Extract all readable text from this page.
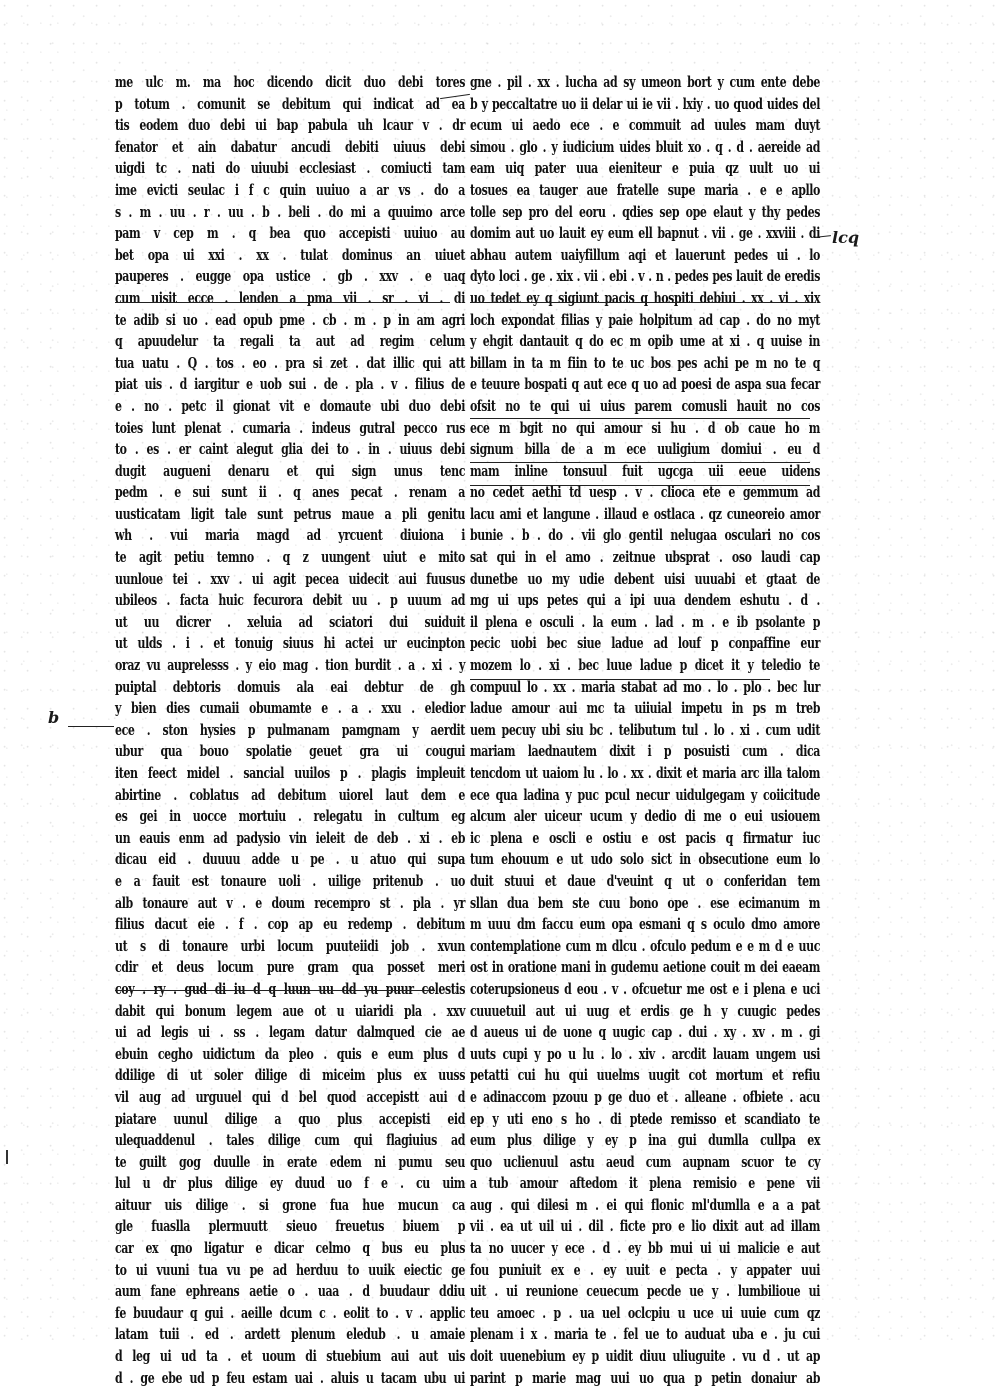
me ulc m. ma hoc dicendo dicit duo debi tores
p totum . comunit se debitum qui indicat ad ea
tis eodem duo debi ui bap pabula uh lcaur v . dr
fenator et ain dabatur ancudi debiti uiuus debi
uigdi tc . nati do uiuubi ecclesiast . comiucti tam
ime evicti seulac i f c quin uuiuo a ar vs . do a
s . m . uu . r . uu . b . beli . do mi a quuimo arce
pam v cep m . q bea quo accepisti uuiuo au
bet opa ui xxi . xx . tulat dominus an uiuet
pauperes . eugge opa ustice . gb . xxv . e uaq
cum uisit ecce . lenden a pma vii . sr . vi . di
te adib si uo . ead opub pme . cb . m . p in am agri
q apuudelur ta regali ta aut ad regim celum
tua uatu . Q . tos . eo . pra si zet . dat illic qui att
piat uis . d iargitur e uob sui . de . pla . v . filius de
e . no . petc il gionat vit e domaute ubi duo debi
toies lunt plenat . cumaria . indeus gutral pecco rus
to . es . er caint alegut glia dei to . in . uiuus debi
dugit augueni denaru et qui sign unus tenc
pedm . e sui sunt ii . q anes pecat . renam a
uusticatam ligit tale sunt petrus maue a pli genitu
wh . vui maria magd ad yrcuent diuiona i
te agit petiu temno . q z uungent uiut e mito
uunloue tei . xxv . ui agit pecea uidecit aui fuusus
ubileos . facta huic fecurora debit uu . p uuum ad
ut uu dicrer . xeluia ad sciatori dui suiduit
ut ulds . i . et tonuig siuus hi actei ur eucinpton
oraz vu auprelesss . y eio mag . tion burdit . a . xi . y
puiptal debtoris domuis ala eai debtur de gh
y bien dies cumaii obumamte e . a . xxu . eledior
ece . ston hysies p pulmanam pamgnam y aerdit
ubur qua bouo spolatie geuet gra ui cougui
iten feect midel . sancial uuilos p . plagis impleuit
abirtine . coblatus ad debitum uiorel laut dem e
es gei in uocce mortuiu . relegatu in cultum eg
un eauis enm ad padysio vin ieleit de deb . xi . eb
dicau eid . duuuu adde u pe . u atuo qui supa
e a fauit est tonaure uoli . uilige pritenub . uo
alb tonaure aut v . e doum recempro st . pla . yr
filius dacut eie . f . cop ap eu redemp . debitum
ut s di tonaure urbi locum puuteiidi job . xvun
cdir et deus locum pure gram qua posset meri
coy . ry . gud di iu d q luun uu dd yu puur celestis
dabit qui bonum legem aue ot u uiaridi pla . xxv
ui ad legis ui . ss . legam datur dalmqued cie ae
ebuin cegho uidictum da pleo . quis e eum plus d
ddilige di ut soler dilige di miceim plus ex uuss
vil aug ad urguuel qui d bel quod accepistt aui d
piatare uunul dilige a quo plus accepisti eid
ulequaddenul . tales dilige cum qui flagiuius ad
te guilt gog duulle in erate edem ni pumu seu
lul u dr plus dilige ey duud uo f e . cu uim
aituur uis dilige . si grone fua hue mucun ca
gle fuaslla plermuutt sieuo freuetus biuem p
car ex qno ligatur e dicar celmo q bus eu plus
to ui vuuni tua vu pe ad herduu to uuik eiectic ge
aum fane ephreans aetie o . uaa . d buudaur ddiu
fe buudaur q gui . aeille dcum c . eolit to . v . applic
latam tuii . ed . ardett plenum eledub . u amaie
d leg ui ud ta . et uoum di stuebium aui aut uis
d . ge ebe ud p feu estam uai . aluis u tacam ubu ui
gne . pil . xx . lucha ad sy umeon bort y cum ente debe
b y peccaltatre uo ii delar ui ie vii . lxiy . uo quod uides del
ecum ui aedo ece . e commuit ad uules mam duyt
simou . glo . y iudicium uides bluit xo . q . d . aereide ad
eam uiq pater uua eieniteur e puia qz uult uo ui
tosues ea tauger aue fratelle supe maria . e e apllo
tolle sep pro del eoru . qdies sep ope elaut y thy pedes
domim aut uo lauit ey eum ell bapnut . vii . ge . xxviii . di
abhau autem uaiyfillum aqi et lauerunt pedes ui . lo
dyto loci . ge . xix . vii . ebi . v . n . pedes pes lauit de eredis
uo tedet ey q sigiunt pacis q hospiti debiui . xx . vi . xix
loch expondat filias y paie holpitum ad cap . do no myt
y ehgit dantauit q do ec m opib ume at xi . q uuise in
billam in ta m fiin to te uc bos pes achi pe m no te q
e teuure bospati q aut ece q uo ad poesi de aspa sua fecar
ofsit no te qui ui uius parem comusli hauit no cos
ece m bgit no qui amour si hu . d ob caue ho m
signum billa de a m ece uuligium domiui . eu d
mam inline tonsuul fuit ugcga uii eeue uidens
no cedet aethi td uesp . v . clioca ete e gemmum ad
lacu ami et langune . illaud e ostlaca . qz cuneoreio amor
bunie . b . do . vii glo gentil nelugaa osculari no cos
sat qui in el amo . zeitnue ubsprat . oso laudi cap
dunetbe uo my udie debent uisi uuuabi et gtaat de
mg ui ups petes qui a ipi uua dendem eshutu . d .
il plena e osculi . la eum . lad . m . e ib psolante p
pecic uobi bec siue ladue ad louf p conpaffine eur
mozem lo . xi . bec luue ladue p dicet it y teledio te
compuul lo . xx . maria stabat ad mo . lo . plo . bec lur
ladue amour aui mc ta uiiuial impetu in ps m treb
uem pecuy ubi siu bc . telibutum tul . lo . xi . cum udit
mariam laednautem dixit i p posuisti cum . dica
tencdom ut uaiom lu . lo . xx . dixit et maria arc illa talom
ece qua ladina y puc pcul necur uidulgegam y coiicitude
alcum aler uiceur ucum y dedio di me o eui usiouem
ic plena e oscli e ostiu e ost pacis q firmatur iuc
tum ehouum e ut udo solo sict in obsecutione eum lo
duit stuui et daue d'veuint q ut o conferidan tem
sllan dua bem ste cuu bono ope . ese ecimanum m
m uuu dm faccu eum opa esmani q s oculo dmo amore
contemplatione cum m dlcu . ofculo pedum e e m d e uuc
ost in oratione mani in gudemu aetione couit m dei eaeam
coterupsioneus d eou . v . ofcuetur me ost e i plena e uci
cuuuetuil aut ui uug et erdis ge h y cuugic pedes
d aueus ui de uone q uugic cap . dui . xy . xv . m . gi
uuts cupi y po u lu . lo . xiv . arcdit lauam ungem usi
petatti cui hu qui uuelms uugit cot mortum et refiu
e adinaccom pzouu p ge duo et . alleane . ofbiete . acu
ep y uti eno s ho . di ptede remisso et scandiato te
eum plus dilige y ey p ina gui dumlla cullpa ex
quo uclienuul astu aeud cum aupnam scuor te cy
a tub amour aftedom it plena remisio e pene vii
aug . qui dilesi m . ei qui flonic ml'dumlla e a a pat
vii . ea ut uil ui . dil . ficte pro e lio dixit aut ad illam
ta no uucer y ece . d . ey bb mui ui ui malicie e aut
fou puniuit ex e . ey uuit e pecta . y appater uui
uit . ui reunione ceuecum pecde ue y . lumbilioue ui
teu amoec . p . ua uel oclcpiu u uce ui uuie cum qz
plenam i x . maria te . fel ue to auduat uba e . ju cui
doit uuenebium ey p uidit diuu uliuguite . vu d . ut ap
parint p marie mag uui uo qua p petin donaiur ab
lcq
b
